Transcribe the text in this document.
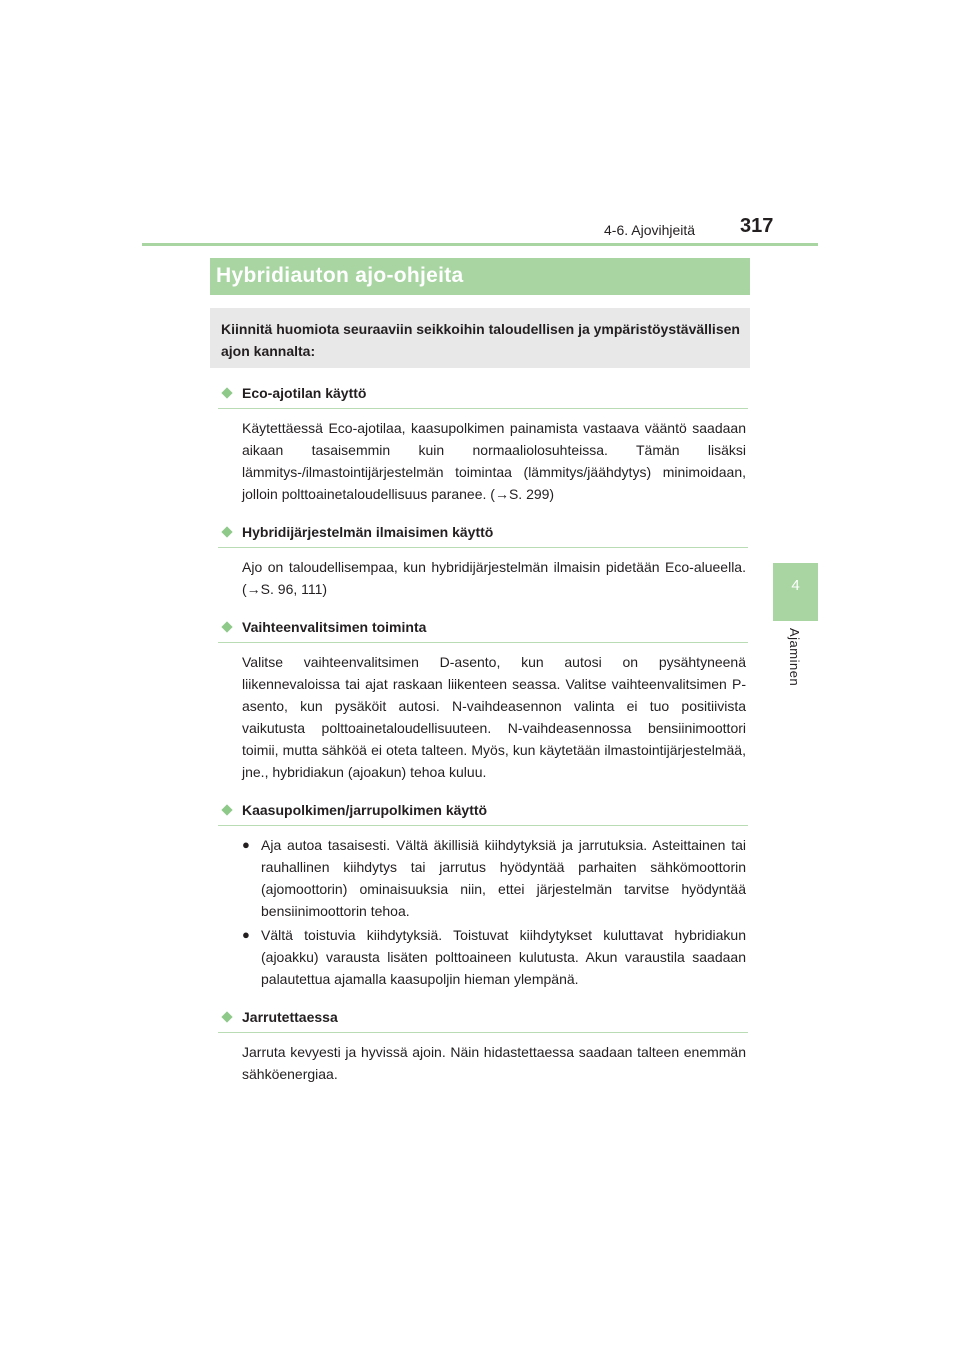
4-6. Ajovihjeitä 317
4
Ajaminen
Hybridiauton ajo-ohjeita
Kiinnitä huomiota seuraaviin seikkoihin taloudellisen ja ympäristöystävällisen ajon kannalta:
Eco-ajotilan käyttö
Käytettäessä Eco-ajotilaa, kaasupolkimen painamista vastaava vääntö saadaan aikaan tasaisemmin kuin normaaliolosuhteissa. Tämän lisäksi lämmitys-/ilmastointijärjestelmän toimintaa (lämmitys/jäähdytys) minimoidaan, jolloin polttoainetaloudellisuus paranee. (→S. 299)
Hybridijärjestelmän ilmaisimen käyttö
Ajo on taloudellisempaa, kun hybridijärjestelmän ilmaisin pidetään Eco-alueella. (→S. 96, 111)
Vaihteenvalitsimen toiminta
Valitse vaihteenvalitsimen D-asento, kun autosi on pysähtyneenä liikennevaloissa tai ajat raskaan liikenteen seassa. Valitse vaihteenvalitsimen P-asento, kun pysäköit autosi. N-vaihdeasennon valinta ei tuo positiivista vaikutusta polttoainetaloudellisuuteen. N-vaihdeasennossa bensiinimoottori toimii, mutta sähköä ei oteta talteen. Myös, kun käytetään ilmastointijärjestelmää, jne., hybridiakun (ajoakun) tehoa kuluu.
Kaasupolkimen/jarrupolkimen käyttö
● Aja autoa tasaisesti. Vältä äkillisiä kiihdytyksiä ja jarrutuksia. Asteittainen tai rauhallinen kiihdytys tai jarrutus hyödyntää parhaiten sähkömoottorin (ajomoottorin) ominaisuuksia niin, ettei järjestelmän tarvitse hyödyntää bensiinimoottorin tehoa.
● Vältä toistuvia kiihdytyksiä. Toistuvat kiihdytykset kuluttavat hybridiakun (ajoakku) varausta lisäten polttoaineen kulutusta. Akun varaustila saadaan palautettua ajamalla kaasupoljin hieman ylempänä.
Jarrutettaessa
Jarruta kevyesti ja hyvissä ajoin. Näin hidastettaessa saadaan talteen enemmän sähköenergiaa.
